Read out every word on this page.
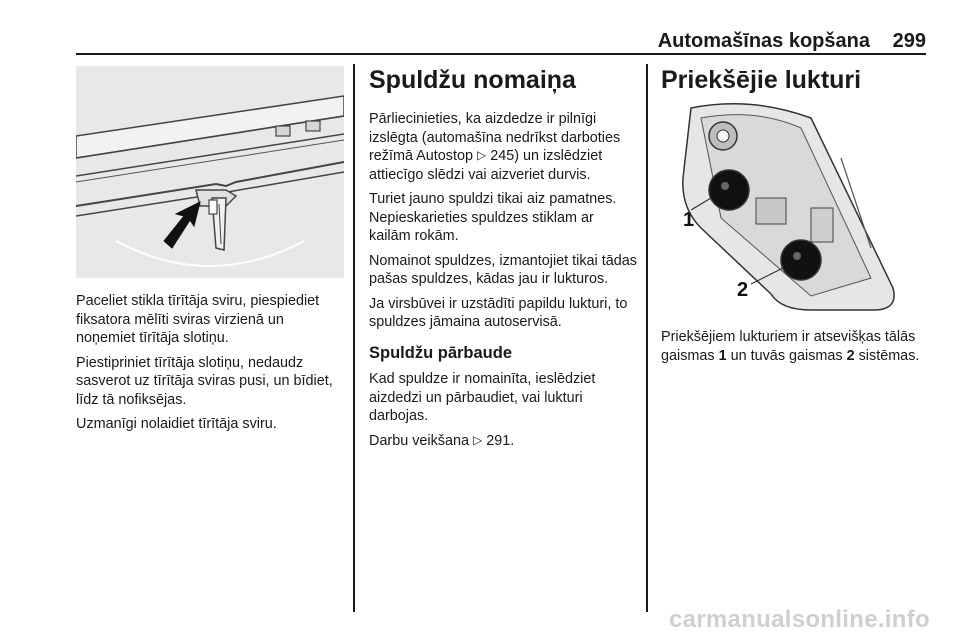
Automašīnas kopšana	299

Paceliet stikla tīrītāja sviru, piespiediet fiksatora mēlīti sviras virzienā un noņemiet tīrītāja slotiņu.

Piestipriniet tīrītāja slotiņu, nedaudz sasverot uz tīrītāja sviras pusi, un bīdiet, līdz tā nofiksējas.

Uzmanīgi nolaidiet tīrītāja sviru.

Spuldžu nomaiņa

Pārliecinieties, ka aizdedze ir pilnīgi izslēgta (automašīna nedrīkst darboties režīmā Autostop ▷ 245) un izslēdziet attiecīgo slēdzi vai aizveriet durvis.

Turiet jauno spuldzi tikai aiz pamatnes. Nepieskarieties spuldzes stiklam ar kailām rokām.

Nomainot spuldzes, izmantojiet tikai tādas pašas spuldzes, kādas jau ir lukturos.

Ja virsbūvei ir uzstādīti papildu lukturi, to spuldzes jāmaina autoservisā.

Spuldžu pārbaude

Kad spuldze ir nomainīta, ieslēdziet aizdedzi un pārbaudiet, vai lukturi darbojas.

Darbu veikšana ▷ 291.

Priekšējie lukturi
1
2

Priekšējiem lukturiem ir atsevišķas tālās gaismas 1 un tuvās gaismas 2 sistēmas.

carmanualsonline.info
